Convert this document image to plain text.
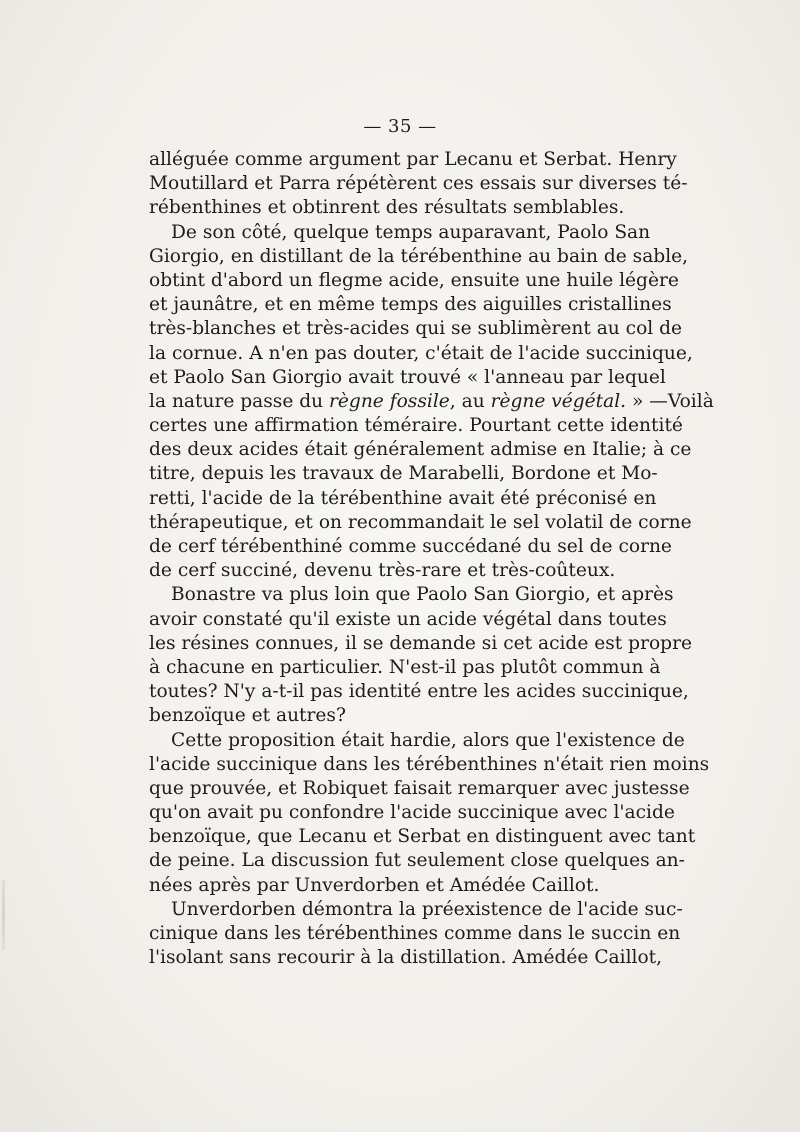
— 35 —
alléguée comme argument par Lecanu et Serbat. Henry
Moutillard et Parra répétèrent ces essais sur diverses té-
rébenthines et obtinrent des résultats semblables.
De son côté, quelque temps auparavant, Paolo San
Giorgio, en distillant de la térébenthine au bain de sable,
obtint d'abord un flegme acide, ensuite une huile légère
et jaunâtre, et en même temps des aiguilles cristallines
très-blanches et très-acides qui se sublimèrent au col de
la cornue. A n'en pas douter, c'était de l'acide succinique,
et Paolo San Giorgio avait trouvé « l'anneau par lequel
la nature passe du règne fossile, au règne végétal. » —Voilà
certes une affirmation téméraire. Pourtant cette identité
des deux acides était généralement admise en Italie; à ce
titre, depuis les travaux de Marabelli, Bordone et Mo-
retti, l'acide de la térébenthine avait été préconisé en
thérapeutique, et on recommandait le sel volatil de corne
de cerf térébenthiné comme succédané du sel de corne
de cerf succiné, devenu très-rare et très-coûteux.
Bonastre va plus loin que Paolo San Giorgio, et après
avoir constaté qu'il existe un acide végétal dans toutes
les résines connues, il se demande si cet acide est propre
à chacune en particulier. N'est-il pas plutôt commun à
toutes? N'y a-t-il pas identité entre les acides succinique,
benzoïque et autres?
Cette proposition était hardie, alors que l'existence de
l'acide succinique dans les térébenthines n'était rien moins
que prouvée, et Robiquet faisait remarquer avec justesse
qu'on avait pu confondre l'acide succinique avec l'acide
benzoïque, que Lecanu et Serbat en distinguent avec tant
de peine. La discussion fut seulement close quelques an-
nées après par Unverdorben et Amédée Caillot.
Unverdorben démontra la préexistence de l'acide suc-
cinique dans les térébenthines comme dans le succin en
l'isolant sans recourir à la distillation. Amédée Caillot,
